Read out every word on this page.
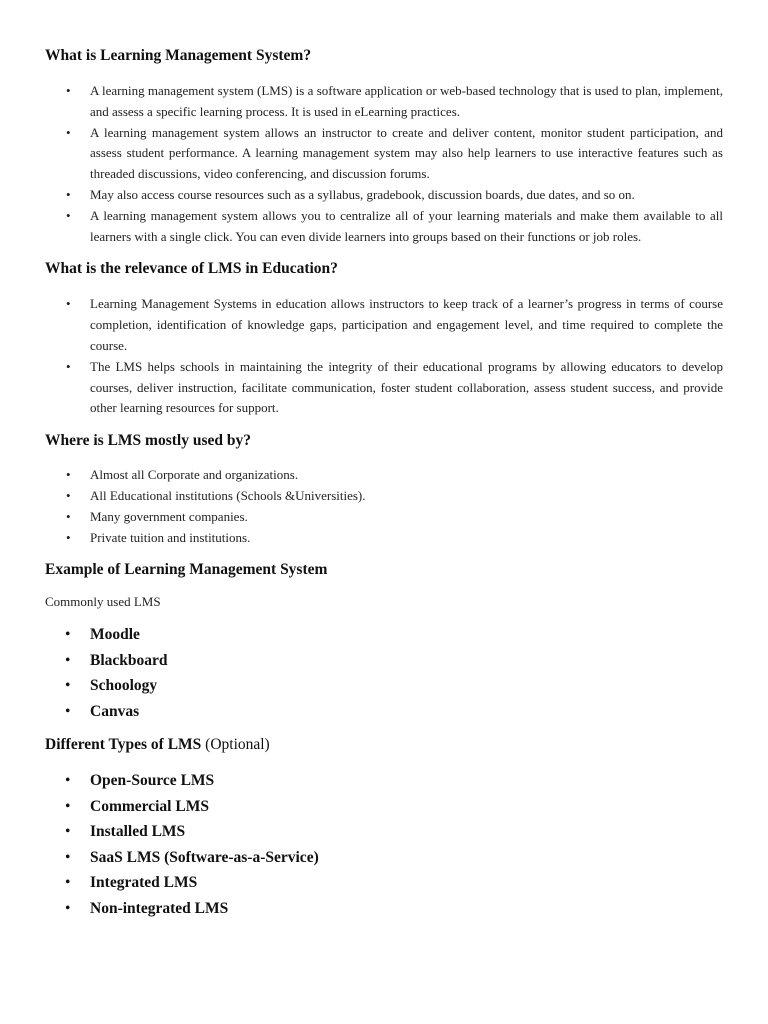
What is Learning Management System?
• A learning management system (LMS) is a software application or web-based technology that is used to plan, implement, and assess a specific learning process. It is used in eLearning practices.
• A learning management system allows an instructor to create and deliver content, monitor student participation, and assess student performance. A learning management system may also help learners to use interactive features such as threaded discussions, video conferencing, and discussion forums.
• May also access course resources such as a syllabus, gradebook, discussion boards, due dates, and so on.
• A learning management system allows you to centralize all of your learning materials and make them available to all learners with a single click. You can even divide learners into groups based on their functions or job roles.
What is the relevance of LMS in Education?
• Learning Management Systems in education allows instructors to keep track of a learner’s progress in terms of course completion, identification of knowledge gaps, participation and engagement level, and time required to complete the course.
• The LMS helps schools in maintaining the integrity of their educational programs by allowing educators to develop courses, deliver instruction, facilitate communication, foster student collaboration, assess student success, and provide other learning resources for support.
Where is LMS mostly used by?
• Almost all Corporate and organizations.
• All Educational institutions (Schools &Universities).
• Many government companies.
• Private tuition and institutions.
Example of Learning Management System

Commonly used LMS

• Moodle
• Blackboard
• Schoology
• Canvas
Different Types of LMS (Optional)
• Open-Source LMS
• Commercial LMS
• Installed LMS
• SaaS LMS (Software-as-a-Service)
• Integrated LMS
• Non-integrated LMS
